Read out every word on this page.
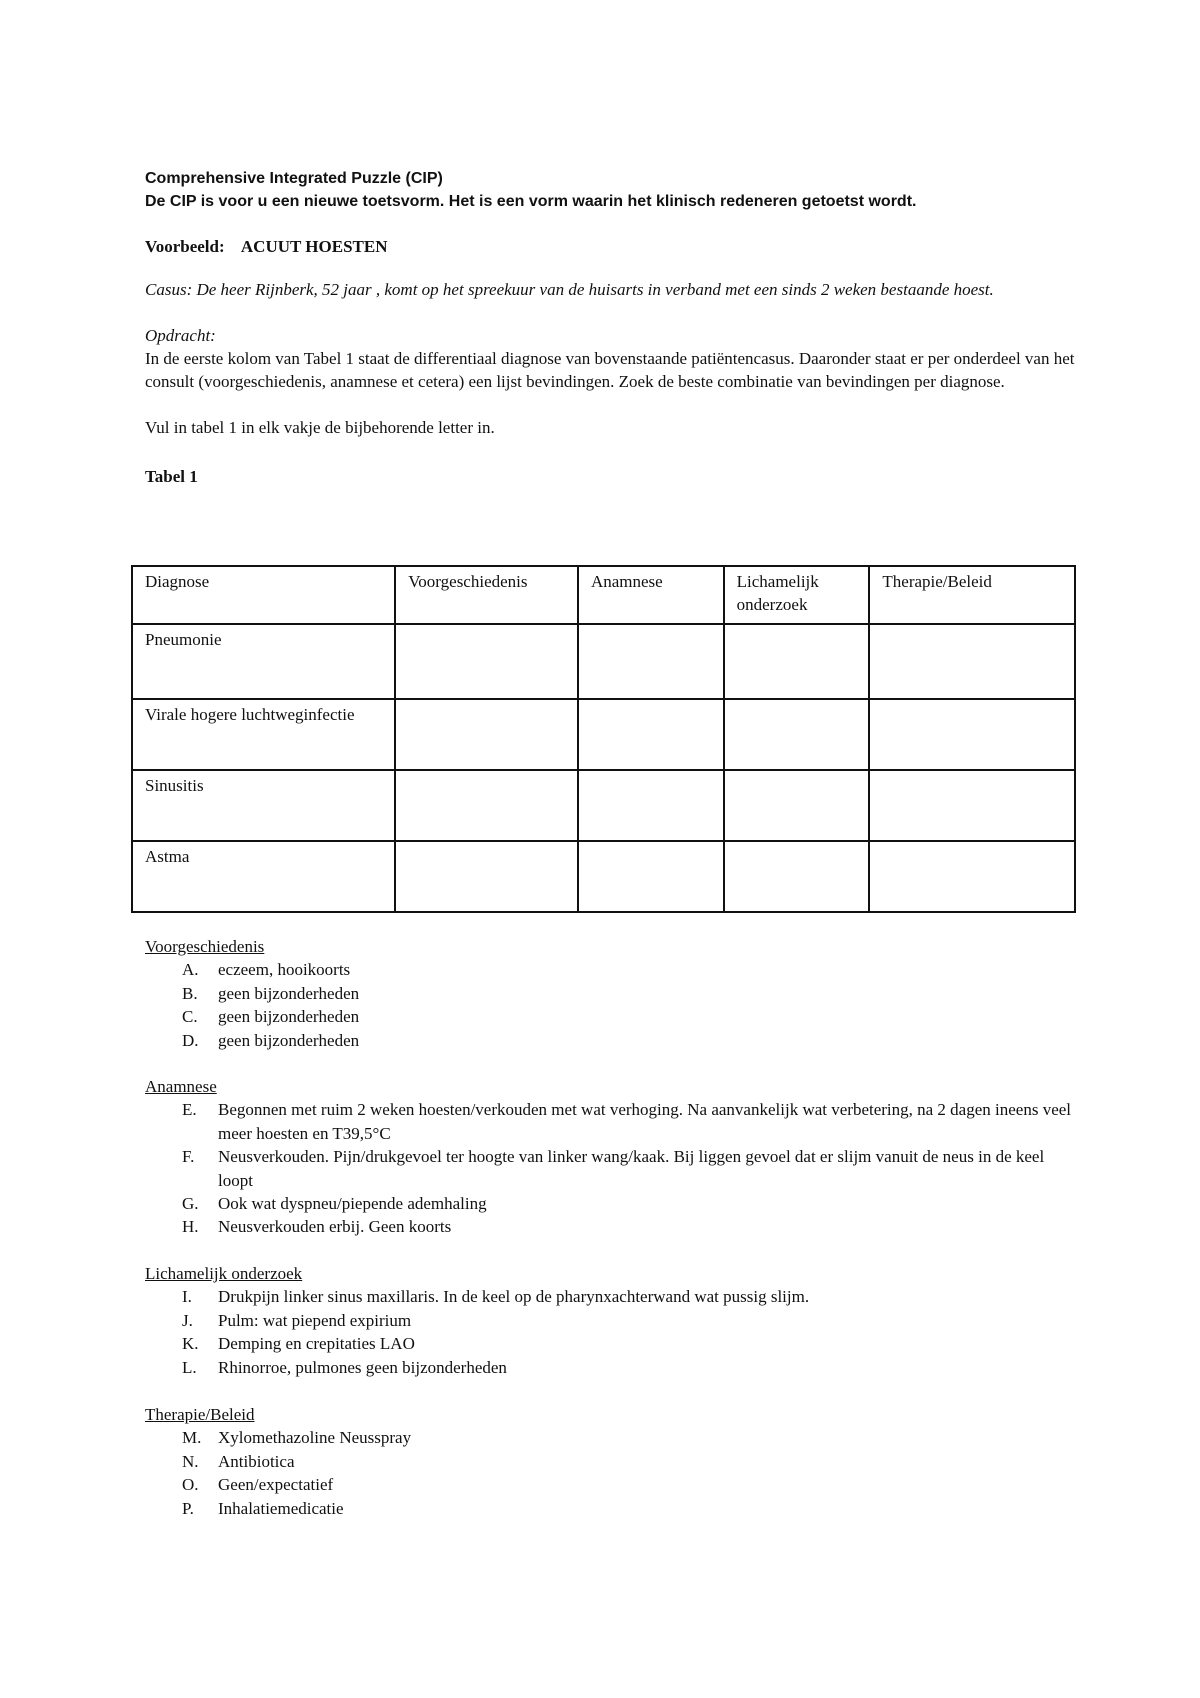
Comprehensive Integrated Puzzle (CIP)

De CIP is voor u een nieuwe toetsvorm. Het is een vorm waarin het klinisch redeneren getoetst wordt.

Voorbeeld: ACUUT HOESTEN
Casus: De heer Rijnberk, 52 jaar , komt op het spreekuur van de huisarts in verband met een sinds 2 weken bestaande hoest.
Opdracht:

In de eerste kolom van Tabel 1 staat de differentiaal diagnose van bovenstaande patiëntencasus. Daaronder staat er per onderdeel van het consult (voorgeschiedenis, anamnese et cetera) een lijst bevindingen. Zoek de beste combinatie van bevindingen per diagnose.

Vul in tabel 1 in elk vakje de bijbehorende letter in.

Tabel 1
Diagnose	Voorgeschiedenis	Anamnese	Lichamelijk onderzoek	Therapie/Beleid
Pneumonie				
Virale hogere luchtweginfectie				
Sinusitis				
Astma				
Voorgeschiedenis
A.	eczeem, hooikoorts
B.	geen bijzonderheden
C.	geen bijzonderheden
D.	geen bijzonderheden
Anamnese
E.	Begonnen met ruim 2 weken hoesten/verkouden met wat verhoging. Na aanvankelijk wat verbetering, na 2 dagen ineens veel meer hoesten en T39,5°C
F.	Neusverkouden. Pijn/drukgevoel ter hoogte van linker wang/kaak. Bij liggen gevoel dat er slijm vanuit de neus in de keel loopt
G.	Ook wat dyspneu/piepende ademhaling
H.	Neusverkouden erbij. Geen koorts
Lichamelijk onderzoek
I.	Drukpijn linker sinus maxillaris. In de keel op de pharynxachterwand wat pussig slijm.
J.	Pulm: wat piepend expirium
K.	Demping en crepitaties LAO
L.	Rhinorroe, pulmones geen bijzonderheden
Therapie/Beleid
M. Xylomethazoline Neusspray
N.	Antibiotica
O.	Geen/expectatief
P.	Inhalatiemedicatie
